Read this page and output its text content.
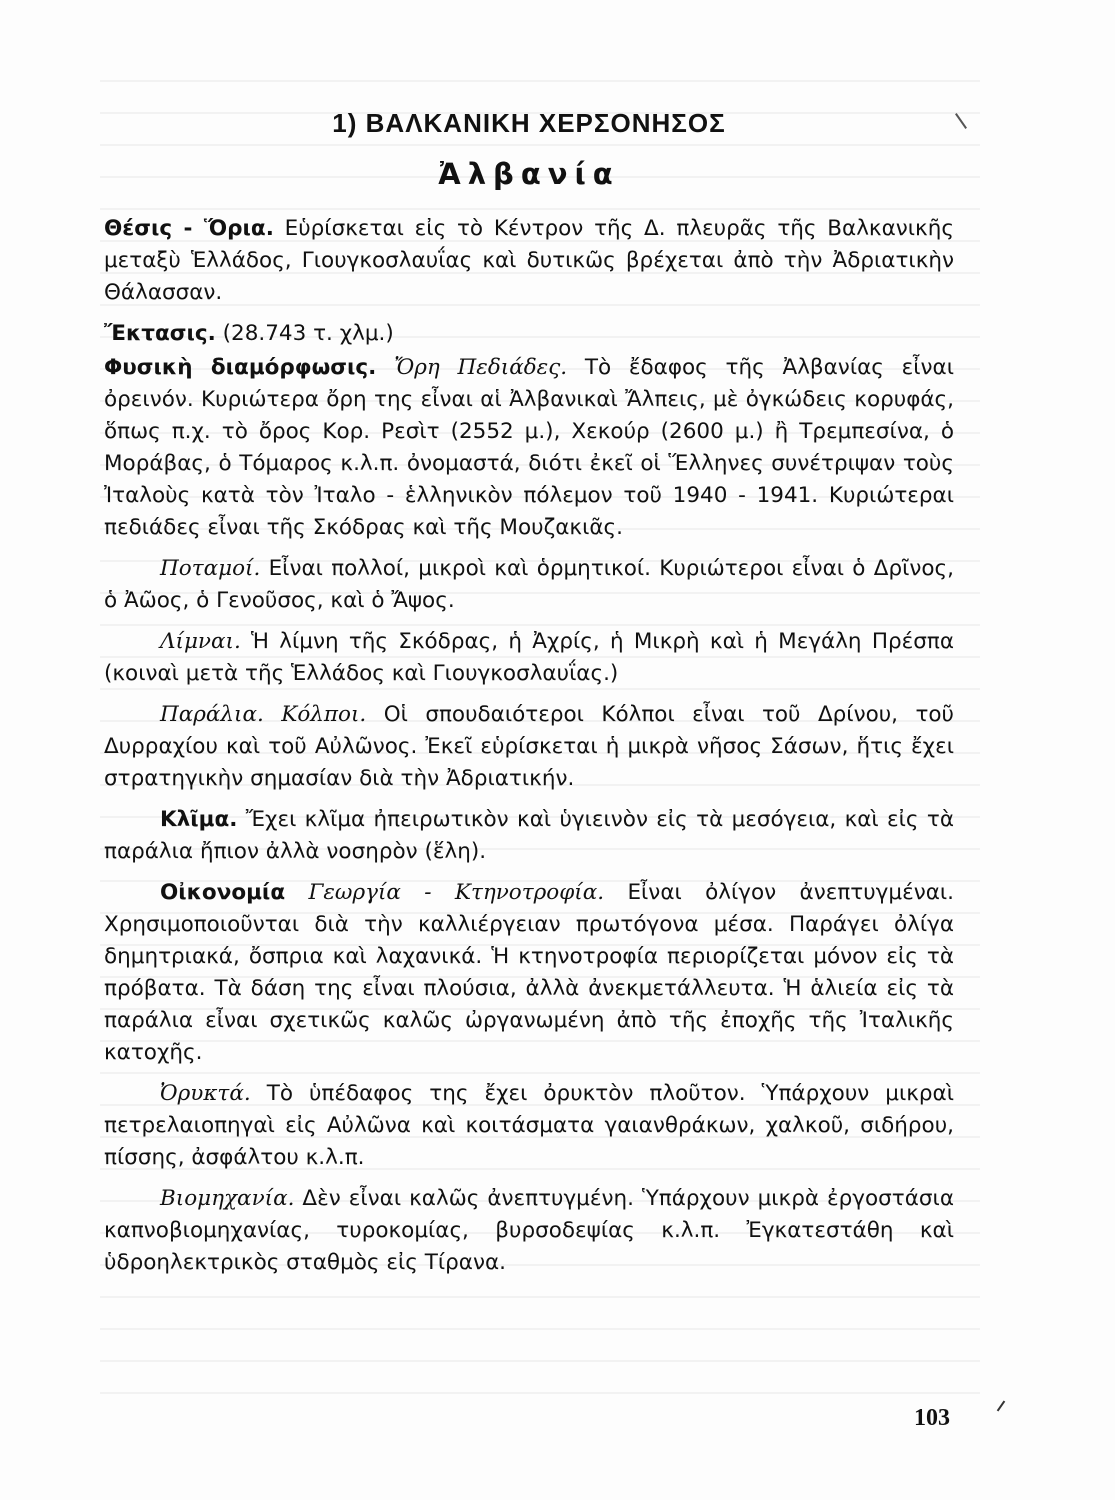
1) ΒΑΛΚΑΝΙΚΗ ΧΕΡΣΟΝΗΣΟΣ
Ἀλβανία

Θέσις - Ὅρια. Εὑρίσκεται εἰς τὸ Κέντρον τῆς Δ. πλευρᾶς τῆς Βαλκανικῆς μεταξὺ Ἑλλάδος, Γιουγκοσλαυΐας καὶ δυτικῶς βρέχεται ἀπὸ τὴν Ἀδριατικὴν Θάλασσαν.

Ἔκτασις. (28.743 τ. χλμ.)

Φυσικὴ διαμόρφωσις. Ὄρη Πεδιάδες. Τὸ ἔδαφος τῆς Ἀλβανίας εἶναι ὀρεινόν. Κυριώτερα ὄρη της εἶναι αἱ Ἀλβανικαὶ Ἄλπεις, μὲ ὀγκώδεις κορυφάς, ὅπως π.χ. τὸ ὄρος Κορ. Ρεσὶτ (2552 μ.), Χεκούρ (2600 μ.) ἢ Τρεμπεσίνα, ὁ Μοράβας, ὁ Τόμαρος κ.λ.π. ὀνομαστά, διότι ἐκεῖ οἱ Ἕλληνες συνέτριψαν τοὺς Ἰταλοὺς κατὰ τὸν Ἰταλο - ἑλληνικὸν πόλεμον τοῦ 1940 - 1941. Κυριώτεραι πεδιάδες εἶναι τῆς Σκόδρας καὶ τῆς Μουζακιᾶς.

Ποταμοί. Εἶναι πολλοί, μικροὶ καὶ ὁρμητικοί. Κυριώτεροι εἶναι ὁ Δρῖνος, ὁ Ἀῶος, ὁ Γενοῦσος, καὶ ὁ Ἄψος.

Λίμναι. Ἡ λίμνη τῆς Σκόδρας, ἡ Ἀχρίς, ἡ Μικρὴ καὶ ἡ Μεγάλη Πρέσπα (κοιναὶ μετὰ τῆς Ἑλλάδος καὶ Γιουγκοσλαυΐας.)

Παράλια. Κόλποι. Οἱ σπουδαιότεροι Κόλποι εἶναι τοῦ Δρίνου, τοῦ Δυρραχίου καὶ τοῦ Αὐλῶνος. Ἐκεῖ εὑρίσκεται ἡ μικρὰ νῆσος Σάσων, ἥτις ἔχει στρατηγικὴν σημασίαν διὰ τὴν Ἀδριατικήν.

Κλῖμα. Ἔχει κλῖμα ἠπειρωτικὸν καὶ ὑγιεινὸν εἰς τὰ μεσόγεια, καὶ εἰς τὰ παράλια ἤπιον ἀλλὰ νοσηρὸν (ἕλη).

Οἰκονομία Γεωργία - Κτηνοτροφία. Εἶναι ὀλίγον ἀνεπτυγμέναι. Χρησιμοποιοῦνται διὰ τὴν καλλιέργειαν πρωτόγονα μέσα. Παράγει ὀλίγα δημητριακά, ὄσπρια καὶ λαχανικά. Ἡ κτηνοτροφία περιορίζεται μόνον εἰς τὰ πρόβατα. Τὰ δάση της εἶναι πλούσια, ἀλλὰ ἀνεκμετάλλευτα. Ἡ ἁλιεία εἰς τὰ παράλια εἶναι σχετικῶς καλῶς ὠργανωμένη ἀπὸ τῆς ἐποχῆς τῆς Ἰταλικῆς κατοχῆς.

Ὀρυκτά. Τὸ ὑπέδαφος της ἔχει ὀρυκτὸν πλοῦτον. Ὑπάρχουν μικραὶ πετρελαιοπηγαὶ εἰς Αὐλῶνα καὶ κοιτάσματα γαιανθράκων, χαλκοῦ, σιδήρου, πίσσης, ἀσφάλτου κ.λ.π.

Βιομηχανία. Δὲν εἶναι καλῶς ἀνεπτυγμένη. Ὑπάρχουν μικρὰ ἐργοστάσια καπνοβιομηχανίας, τυροκομίας, βυρσοδεψίας κ.λ.π. Ἐγκατεστάθη καὶ ὑδροηλεκτρικὸς σταθμὸς εἰς Τίρανα.

103
